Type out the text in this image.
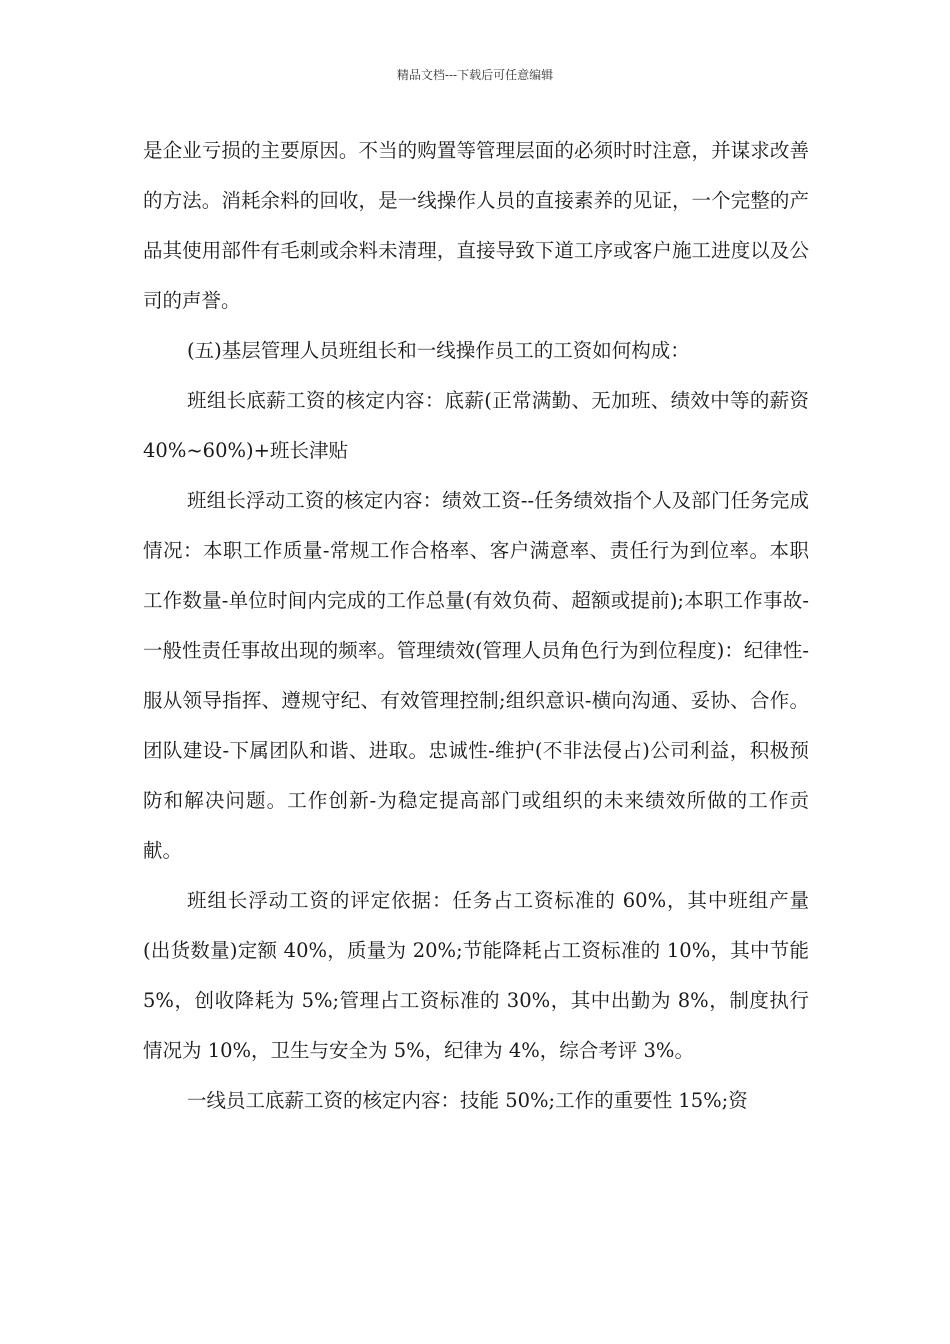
精品文档---下载后可任意编辑

是企业亏损的主要原因。不当的购置等管理层面的必须时时注意，并谋求改善的方法。消耗余料的回收，是一线操作人员的直接素养的见证，一个完整的产品其使用部件有毛刺或余料未清理，直接导致下道工序或客户施工进度以及公司的声誉。

(五)基层管理人员班组长和一线操作员工的工资如何构成：

班组长底薪工资的核定内容：底薪(正常满勤、无加班、绩效中等的薪资 40%~60%)+班长津贴

班组长浮动工资的核定内容：绩效工资--任务绩效指个人及部门任务完成情况：本职工作质量-常规工作合格率、客户满意率、责任行为到位率。本职工作数量-单位时间内完成的工作总量(有效负荷、超额或提前);本职工作事故-一般性责任事故出现的频率。管理绩效(管理人员角色行为到位程度)：纪律性-服从领导指挥、遵规守纪、有效管理控制;组织意识-横向沟通、妥协、合作。团队建设-下属团队和谐、进取。忠诚性-维护(不非法侵占)公司利益，积极预防和解决问题。工作创新-为稳定提高部门或组织的未来绩效所做的工作贡献。

班组长浮动工资的评定依据：任务占工资标准的 60%，其中班组产量(出货数量)定额 40%，质量为 20%;节能降耗占工资标准的 10%，其中节能 5%，创收降耗为 5%;管理占工资标准的 30%，其中出勤为 8%，制度执行情况为 10%，卫生与安全为 5%，纪律为 4%，综合考评 3%。

一线员工底薪工资的核定内容：技能 50%;工作的重要性 15%;资
